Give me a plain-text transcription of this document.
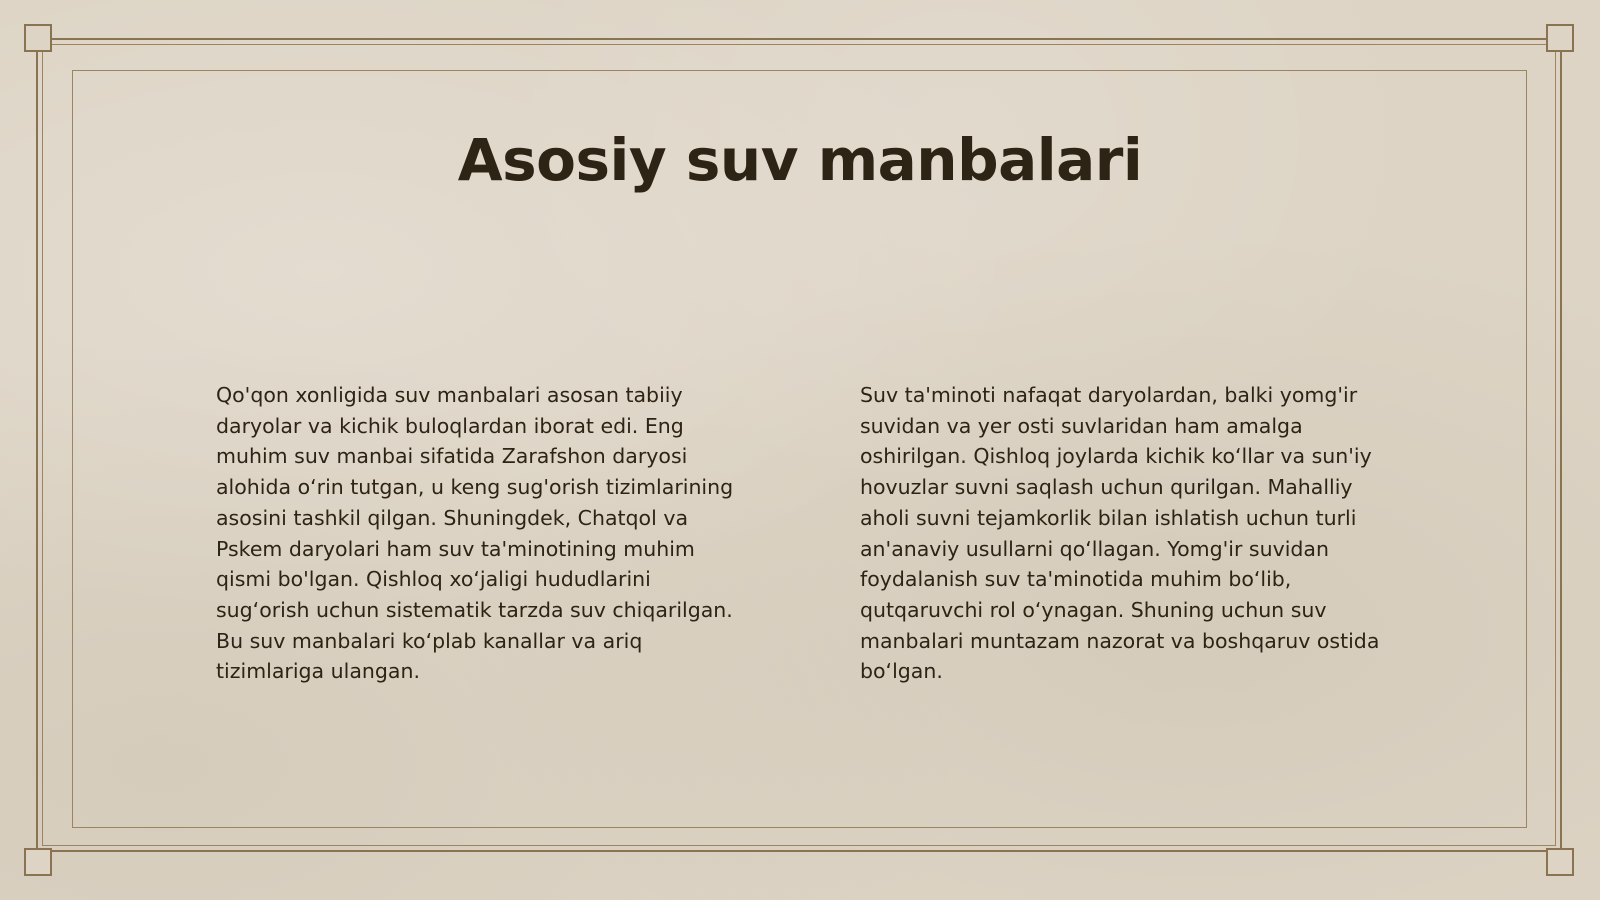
Asosiy suv manbalari

Qo'qon xonligida suv manbalari asosan tabiiy daryolar va kichik buloqlardan iborat edi. Eng muhim suv manbai sifatida Zarafshon daryosi alohida o‘rin tutgan, u keng sug'orish tizimlarining asosini tashkil qilgan. Shuningdek, Chatqol va Pskem daryolari ham suv ta'minotining muhim qismi bo'lgan. Qishloq xo‘jaligi hududlarini sug‘orish uchun sistematik tarzda suv chiqarilgan. Bu suv manbalari ko‘plab kanallar va ariq tizimlariga ulangan.

Suv ta'minoti nafaqat daryolardan, balki yomg'ir suvidan va yer osti suvlaridan ham amalga oshirilgan. Qishloq joylarda kichik ko‘llar va sun'iy hovuzlar suvni saqlash uchun qurilgan. Mahalliy aholi suvni tejamkorlik bilan ishlatish uchun turli an'anaviy usullarni qo‘llagan. Yomg'ir suvidan foydalanish suv ta'minotida muhim bo‘lib, qutqaruvchi rol o‘ynagan. Shuning uchun suv manbalari muntazam nazorat va boshqaruv ostida bo‘lgan.
